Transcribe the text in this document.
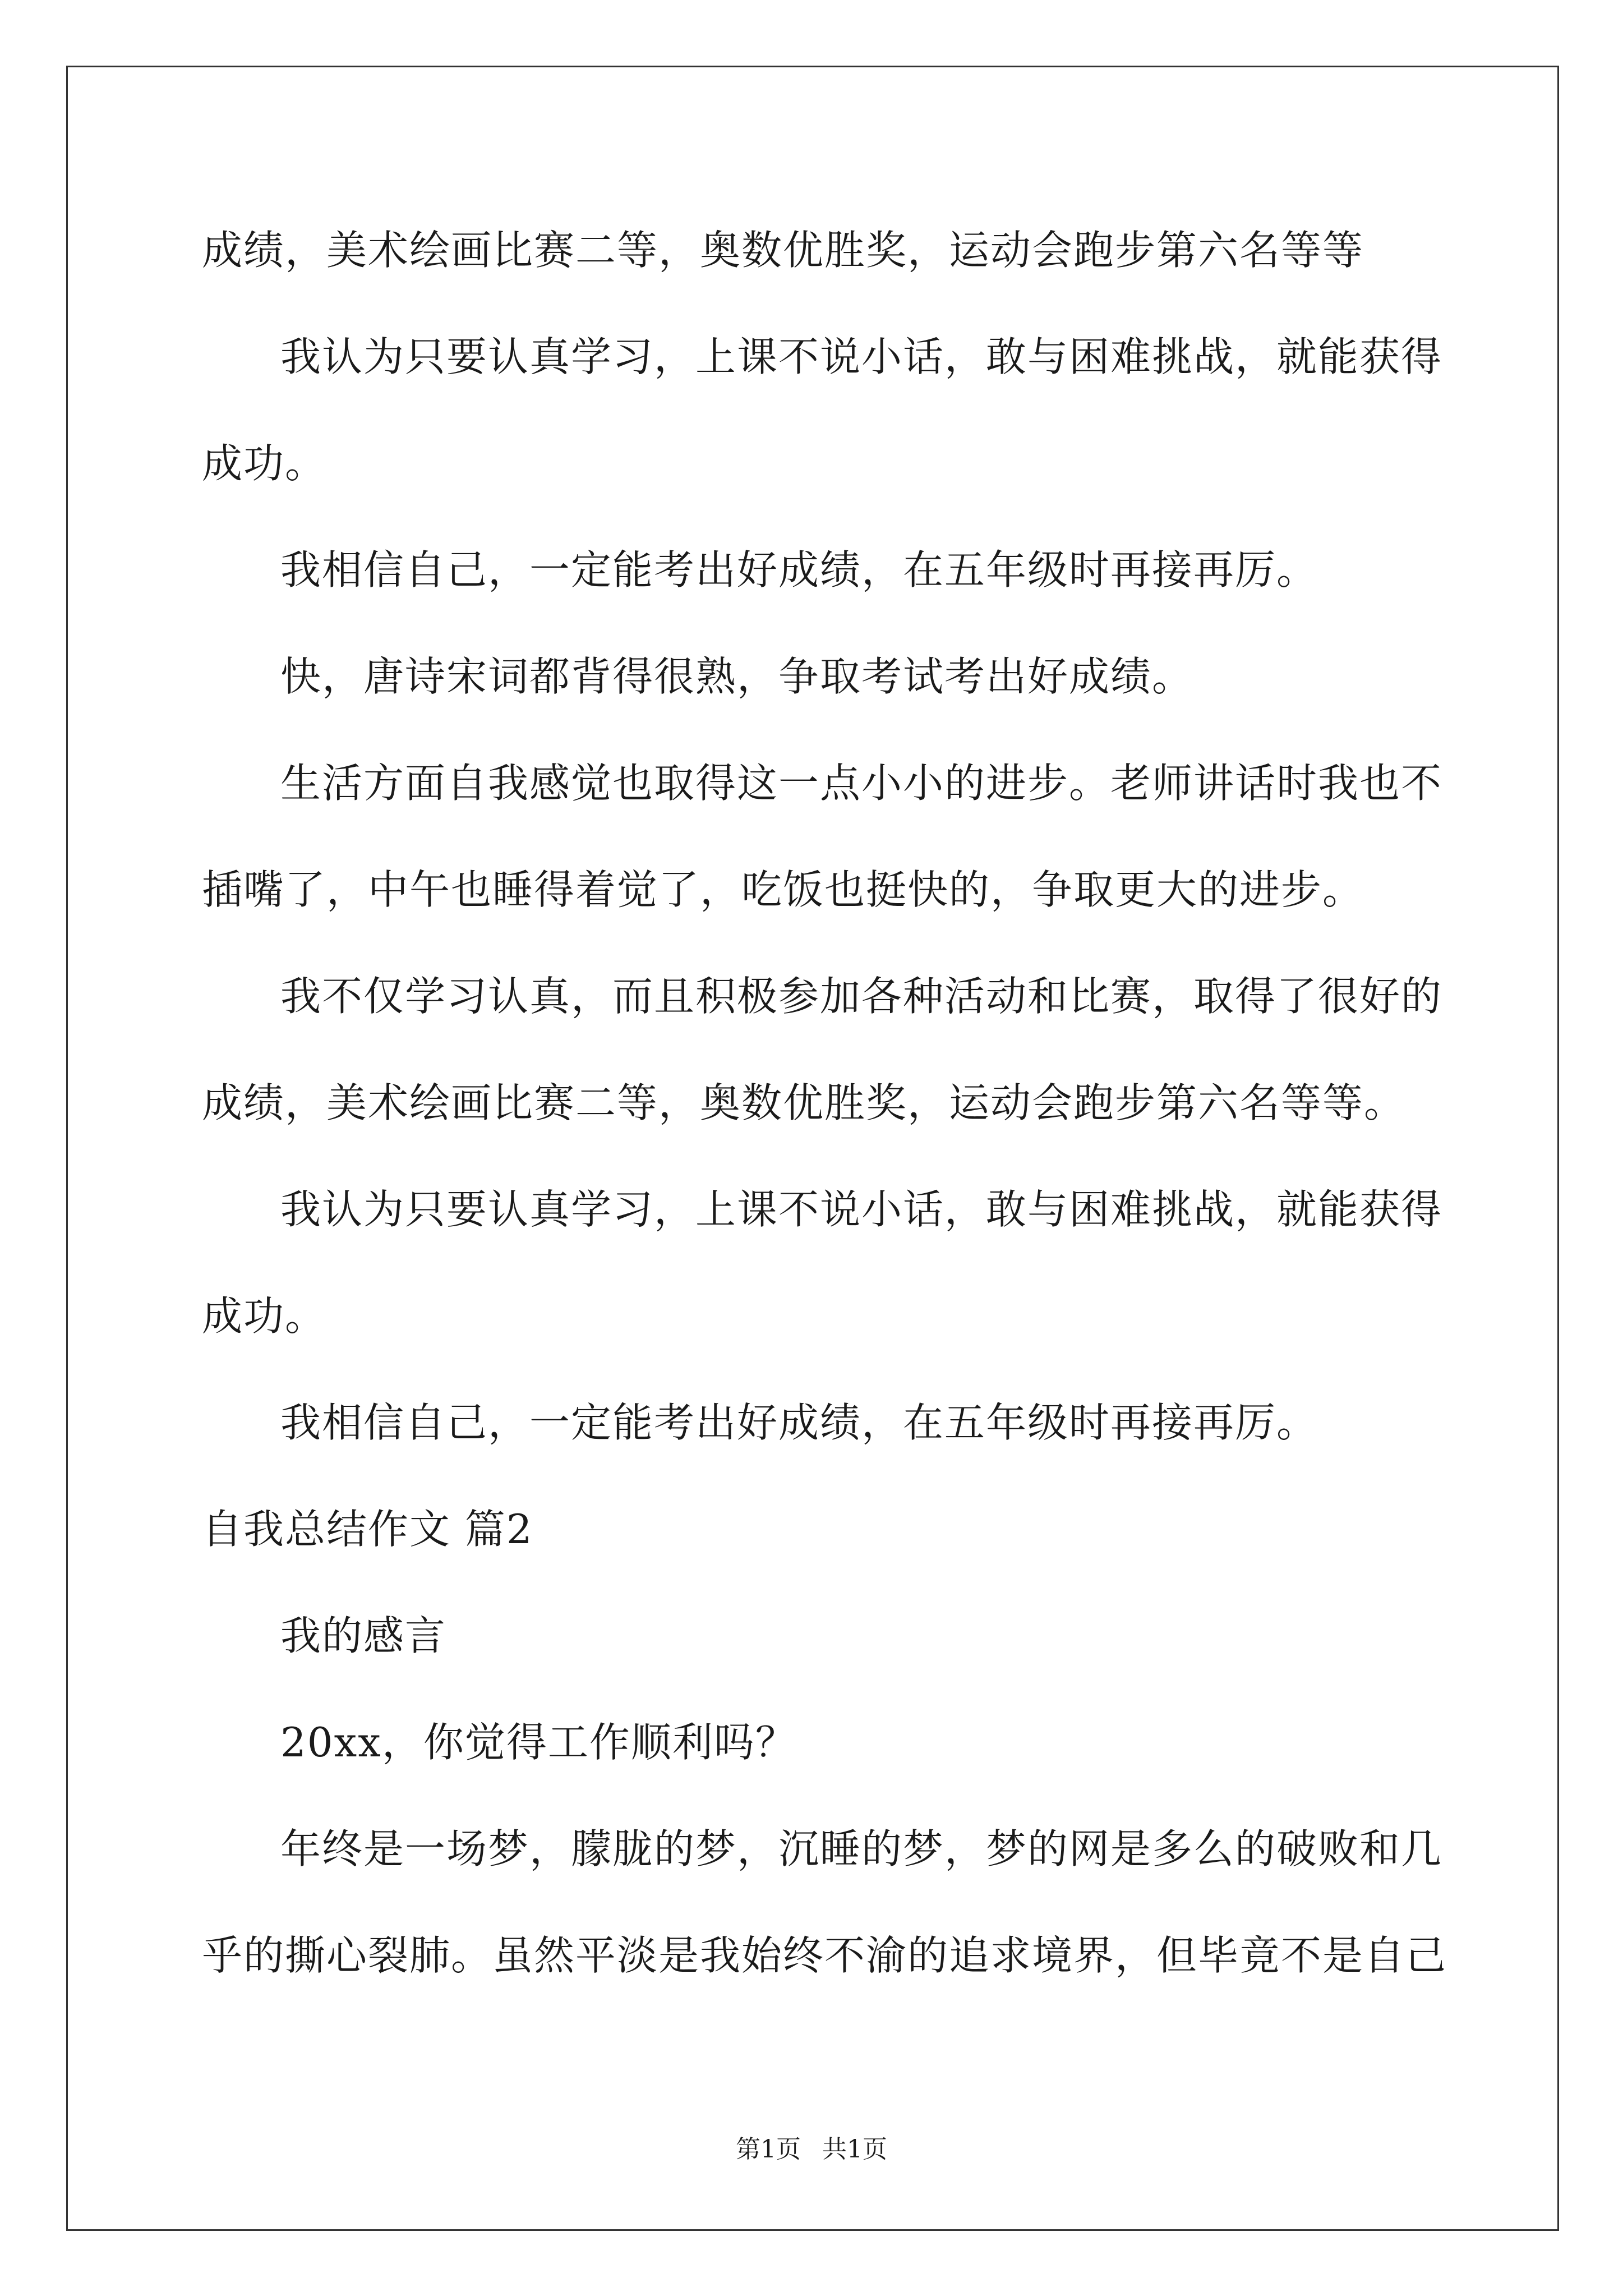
成绩，美术绘画比赛二等，奥数优胜奖，运动会跑步第六名等等
我认为只要认真学习，上课不说小话，敢与困难挑战，就能获得
成功。
我相信自己，一定能考出好成绩，在五年级时再接再厉。
快，唐诗宋词都背得很熟，争取考试考出好成绩。
生活方面自我感觉也取得这一点小小的进步。老师讲话时我也不
插嘴了，中午也睡得着觉了，吃饭也挺快的，争取更大的进步。
我不仅学习认真，而且积极参加各种活动和比赛，取得了很好的
成绩，美术绘画比赛二等，奥数优胜奖，运动会跑步第六名等等。
我认为只要认真学习，上课不说小话，敢与困难挑战，就能获得
成功。
我相信自己，一定能考出好成绩，在五年级时再接再厉。
自我总结作文 篇2
我的感言
20xx，你觉得工作顺利吗？
年终是一场梦，朦胧的梦，沉睡的梦，梦的网是多么的破败和几
乎的撕心裂肺。虽然平淡是我始终不渝的追求境界，但毕竟不是自己
第1页 共1页
